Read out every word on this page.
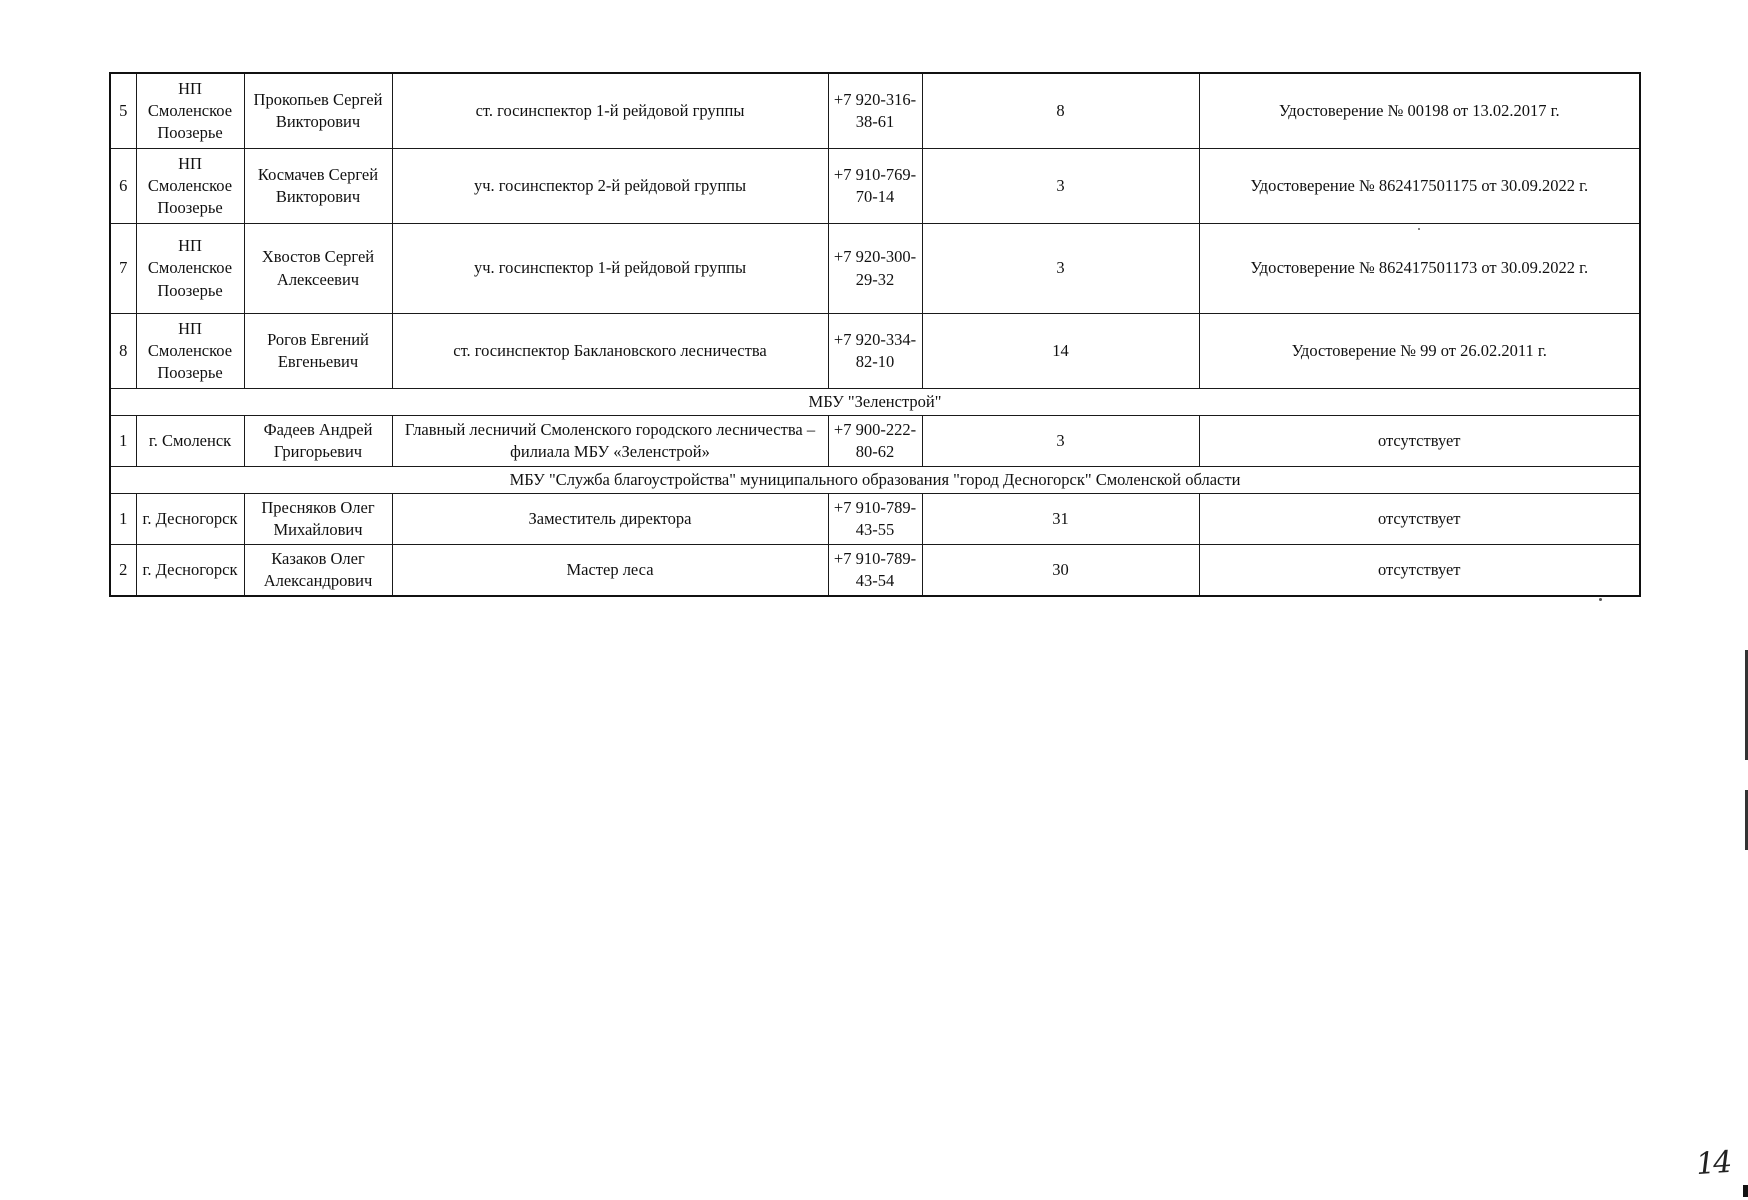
5	НП Смоленское Поозерье	Прокопьев Сергей Викторович	ст. госинспектор 1-й рейдовой группы	+7 920-316-38-61	8	Удостоверение № 00198 от 13.02.2017 г.
6	НП Смоленское Поозерье	Космачев Сергей Викторович	уч. госинспектор 2-й рейдовой группы	+7 910-769-70-14	3	Удостоверение № 862417501175 от 30.09.2022 г.
7	НП Смоленское Поозерье	Хвостов Сергей Алексеевич	уч. госинспектор 1-й рейдовой группы	+7 920-300-29-32	3	Удостоверение № 862417501173 от 30.09.2022 г.
8	НП Смоленское Поозерье	Рогов Евгений Евгеньевич	ст. госинспектор Баклановского лесничества	+7 920-334-82-10	14	Удостоверение № 99 от 26.02.2011 г.
МБУ "Зеленстрой"						
1	г. Смоленск	Фадеев Андрей Григорьевич	Главный лесничий Смоленского городского лесничества – филиала МБУ «Зеленстрой»	+7 900-222-80-62	3	отсутствует
МБУ "Служба благоустройства" муниципального образования "город Десногорск" Смоленской области						
1	г. Десногорск	Пресняков Олег Михайлович	Заместитель директора	+7 910-789-43-55	31	отсутствует
2	г. Десногорск	Казаков Олег Александрович	Мастер леса	+7 910-789-43-54	30	отсутствует
14
